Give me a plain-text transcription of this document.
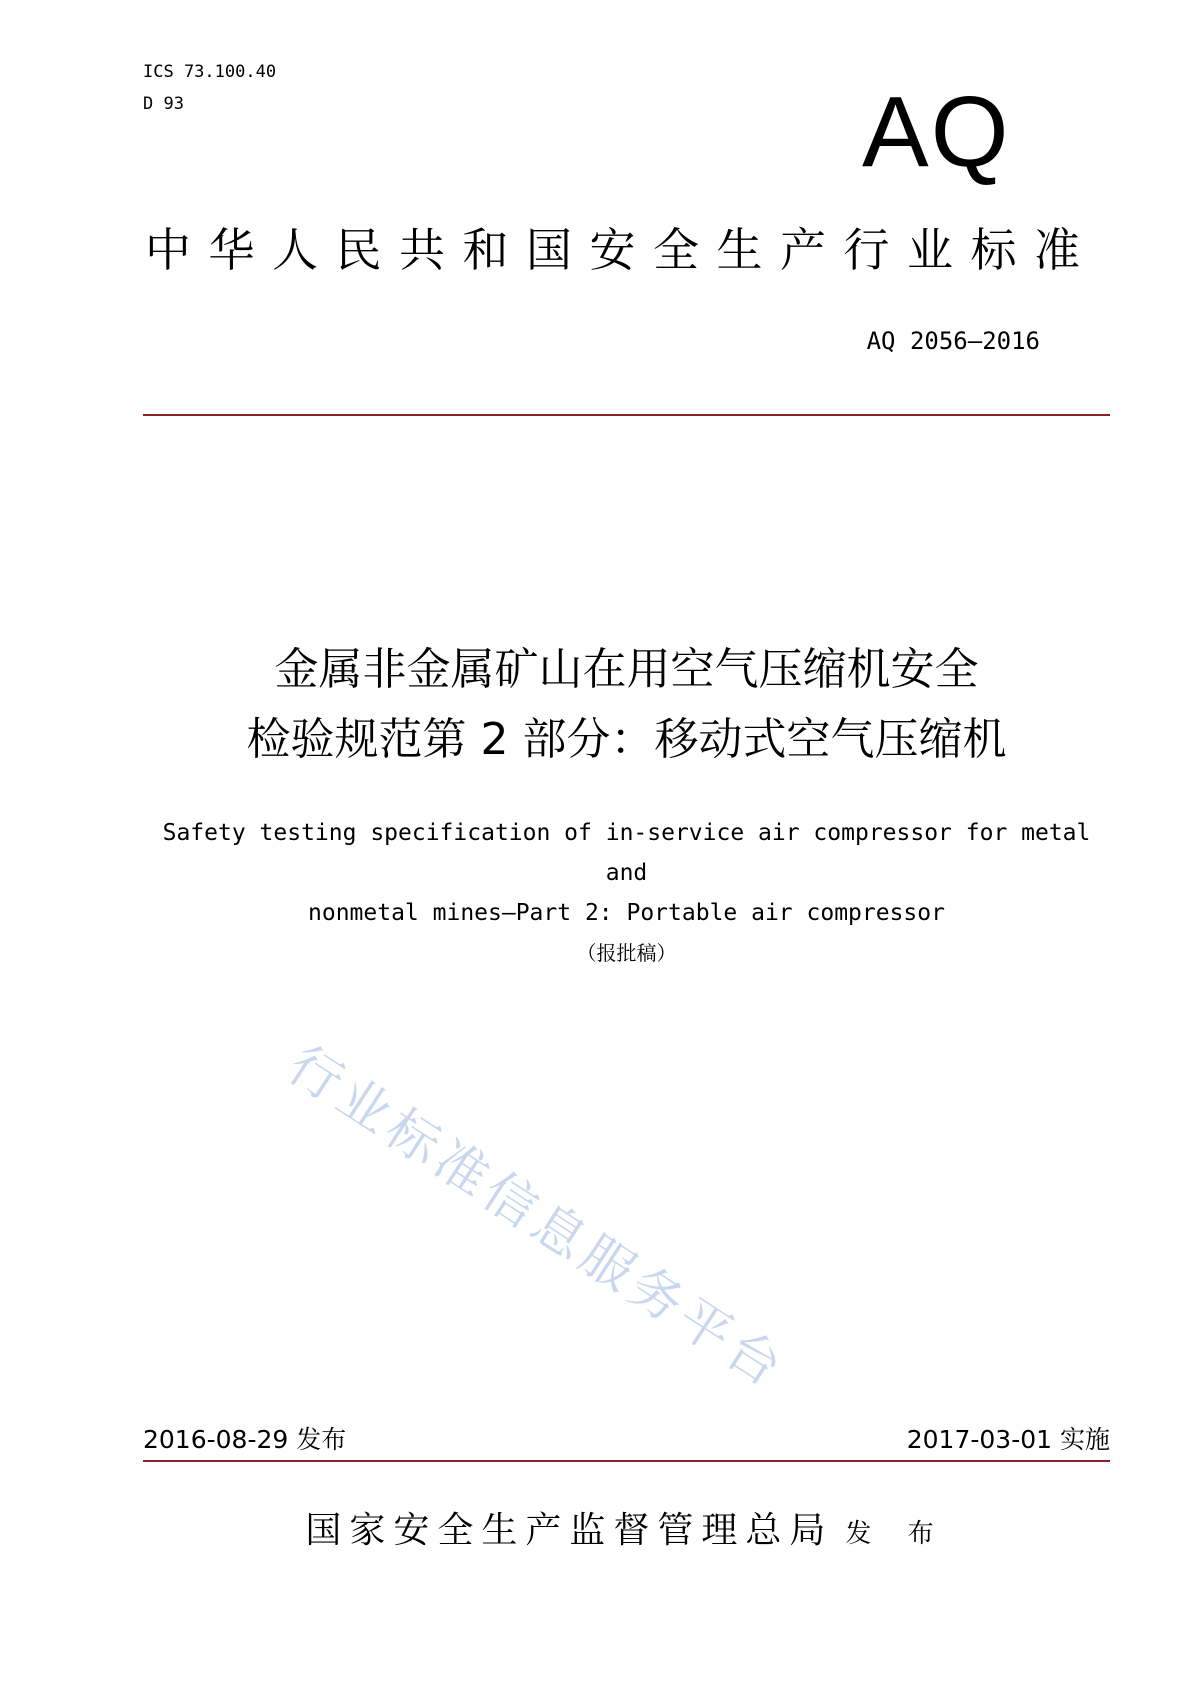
ICS 73.100.40
D 93	AQ
中华人民共和国安全生产行业标准
AQ 2056—2016
金属非金属矿山在用空气压缩机安全
检验规范第 2 部分：移动式空气压缩机
Safety testing specification of in-service air compressor for metal and
nonmetal mines—Part 2: Portable air compressor
（报批稿）
行业标准信息服务平台
2016-08-29 发布	2017-03-01 实施
国家安全生产监督管理总局 发 布
